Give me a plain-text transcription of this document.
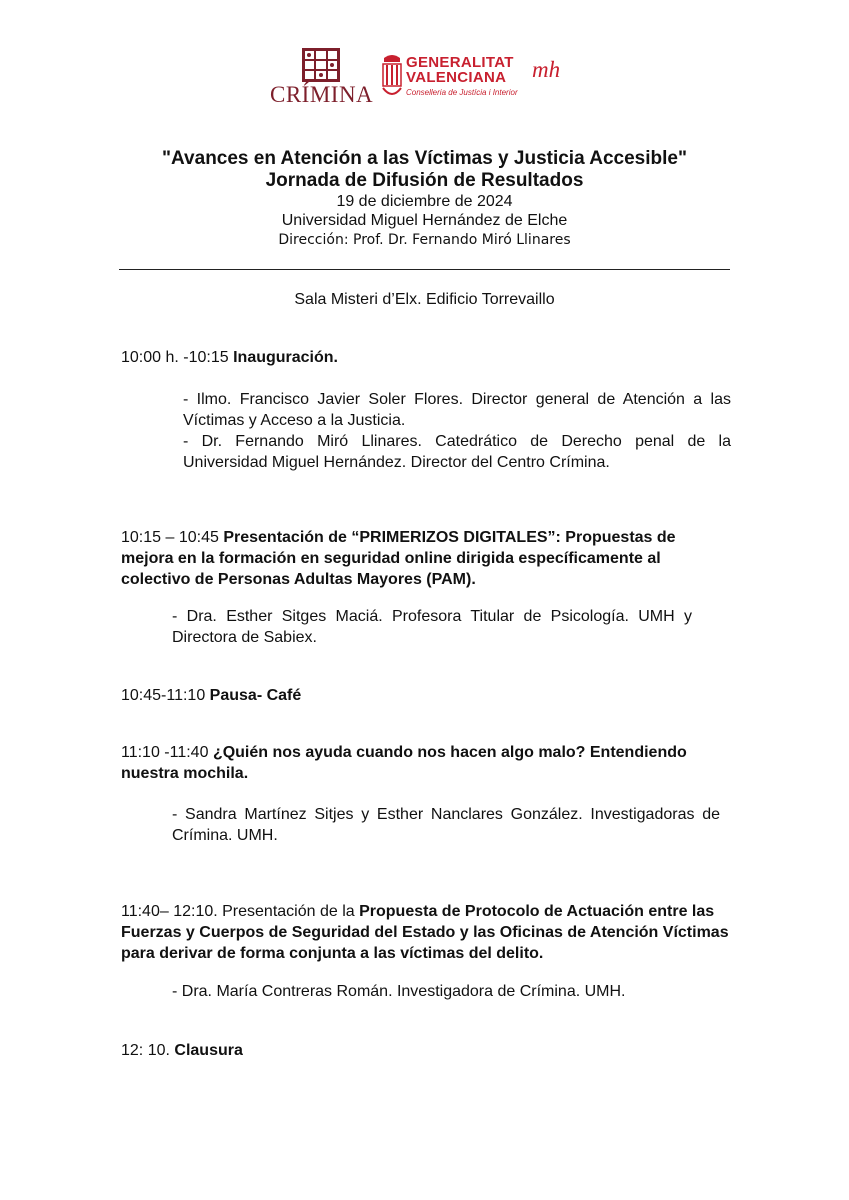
CRÍMINA
GENERALITAT
VALENCIANA
Conselleria de Justícia i Interior
mh
"Avances en Atención a las Víctimas y Justicia Accesible"
Jornada de Difusión de Resultados
19 de diciembre de 2024
Universidad Miguel Hernández de Elche
Dirección: Prof. Dr. Fernando Miró Llinares
Sala Misteri d’Elx. Edificio Torrevaillo
10:00 h. -10:15 Inauguración.
- Ilmo. Francisco Javier Soler Flores. Director general de Atención a las Víctimas y Acceso a la Justicia.
- Dr. Fernando Miró Llinares. Catedrático de Derecho penal de la Universidad Miguel Hernández. Director del Centro Crímina.
10:15 – 10:45 Presentación de “PRIMERIZOS DIGITALES”: Propuestas de mejora en la formación en seguridad online dirigida específicamente al colectivo de Personas Adultas Mayores (PAM).
- Dra. Esther Sitges Maciá. Profesora Titular de Psicología. UMH y Directora de Sabiex.
10:45-11:10 Pausa- Café
11:10 -11:40 ¿Quién nos ayuda cuando nos hacen algo malo? Entendiendo nuestra mochila.
- Sandra Martínez Sitjes y Esther Nanclares González. Investigadoras de Crímina. UMH.
11:40– 12:10. Presentación de la Propuesta de Protocolo de Actuación entre las Fuerzas y Cuerpos de Seguridad del Estado y las Oficinas de Atención Víctimas para derivar de forma conjunta a las víctimas del delito.
- Dra. María Contreras Román. Investigadora de Crímina. UMH.
12: 10. Clausura
